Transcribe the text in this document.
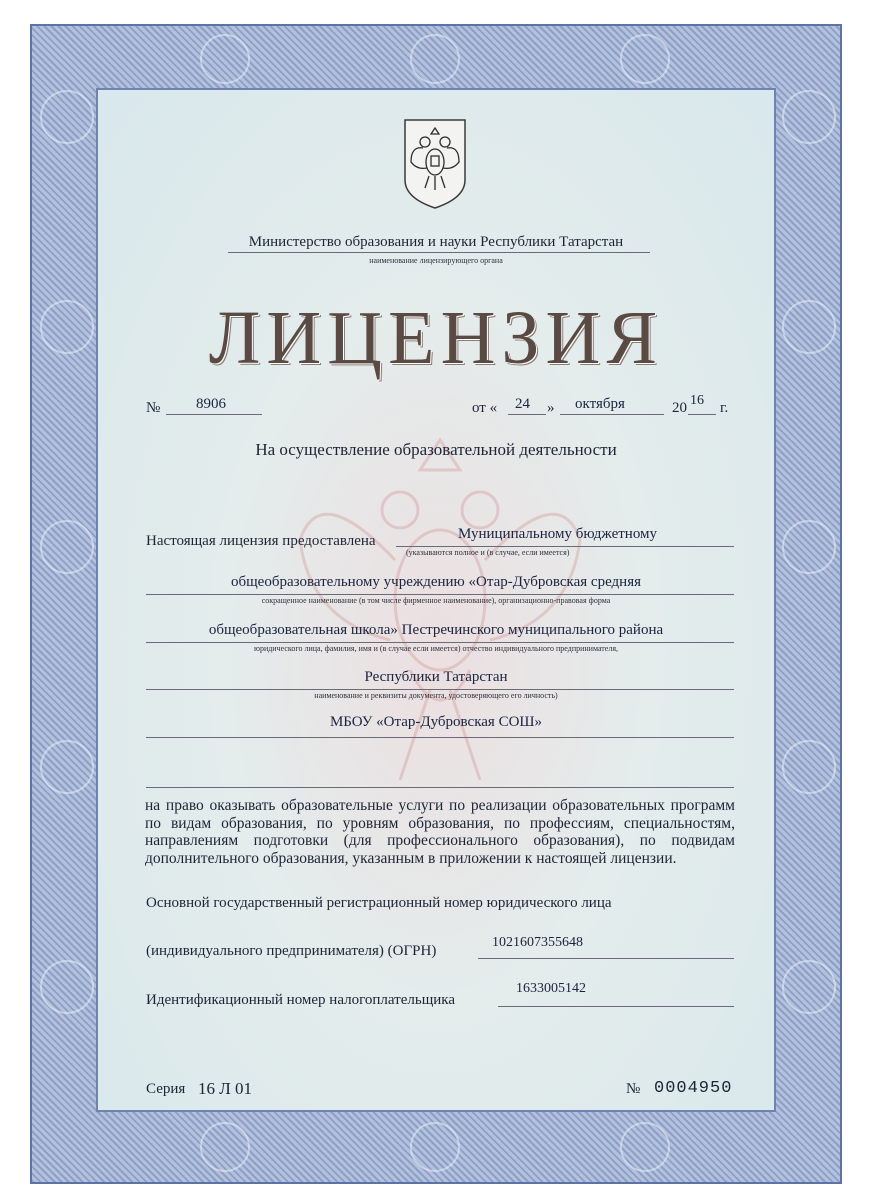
Министерство образования и науки Республики Татарстан
наименование лицензирующего органа
ЛИЦЕНЗИЯ
№ 8906	от « 24 » октября	20 16 г.
На осуществление образовательной деятельности
Настоящая лицензия предоставлена	Муниципальному бюджетному
(указываются полное и (в случае, если имеется)
общеобразовательному учреждению «Отар-Дубровская средняя
сокращенное наименование (в том числе фирменное наименование), организационно-правовая форма
общеобразовательная школа» Пестречинского муниципального района
юридического лица, фамилия, имя и (в случае если имеется) отчество индивидуального предпринимателя,
Республики Татарстан
наименование и реквизиты документа, удостоверяющего его личность)
МБОУ «Отар-Дубровская СОШ»
на право оказывать образовательные услуги по реализации образовательных программ по видам образования, по уровням образования, по профессиям, специальностям, направлениям подготовки (для профессионального образования), по подвидам дополнительного образования, указанным в приложении к настоящей лицензии.
Основной государственный регистрационный номер юридического лица
(индивидуального предпринимателя) (ОГРН)
1021607355648
Идентификационный номер налогоплательщика
1633005142
Серия 16 Л 01	№ 0004950
